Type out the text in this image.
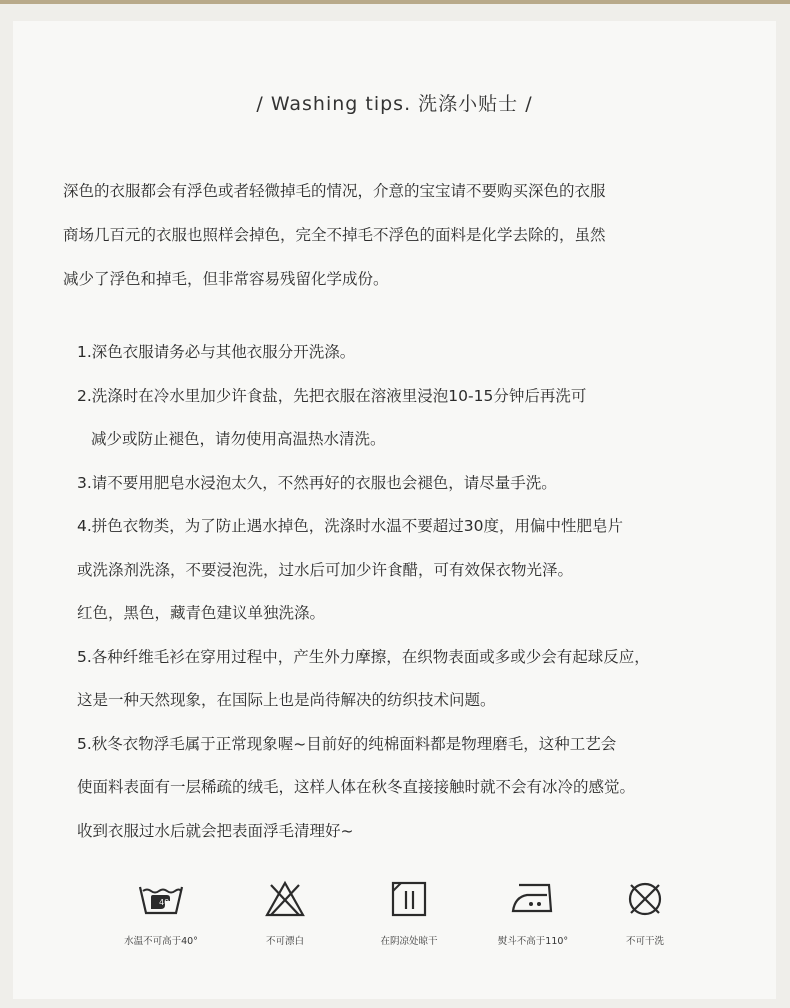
/ Washing tips. 洗涤小贴士 /
深色的衣服都会有浮色或者轻微掉毛的情况，介意的宝宝请不要购买深色的衣服
商场几百元的衣服也照样会掉色，完全不掉毛不浮色的面料是化学去除的，虽然
减少了浮色和掉毛，但非常容易残留化学成份。
1.深色衣服请务必与其他衣服分开洗涤。
2.洗涤时在冷水里加少许食盐，先把衣服在溶液里浸泡10-15分钟后再洗可
减少或防止褪色，请勿使用高温热水清洗。
3.请不要用肥皂水浸泡太久，不然再好的衣服也会褪色，请尽量手洗。
4.拼色衣物类，为了防止遇水掉色，洗涤时水温不要超过30度，用偏中性肥皂片
或洗涤剂洗涤，不要浸泡洗，过水后可加少许食醋，可有效保衣物光泽。
红色，黑色，藏青色建议单独洗涤。
5.各种纤维毛衫在穿用过程中，产生外力摩擦，在织物表面或多或少会有起球反应，
这是一种天然现象，在国际上也是尚待解决的纺织技术问题。
5.秋冬衣物浮毛属于正常现象喔~目前好的纯棉面料都是物理磨毛，这种工艺会
使面料表面有一层稀疏的绒毛，这样人体在秋冬直接接触时就不会有冰冷的感觉。
收到衣服过水后就会把表面浮毛清理好~
40
水温不可高于40°	不可漂白	在阴凉处晾干	熨斗不高于110°	不可干洗
